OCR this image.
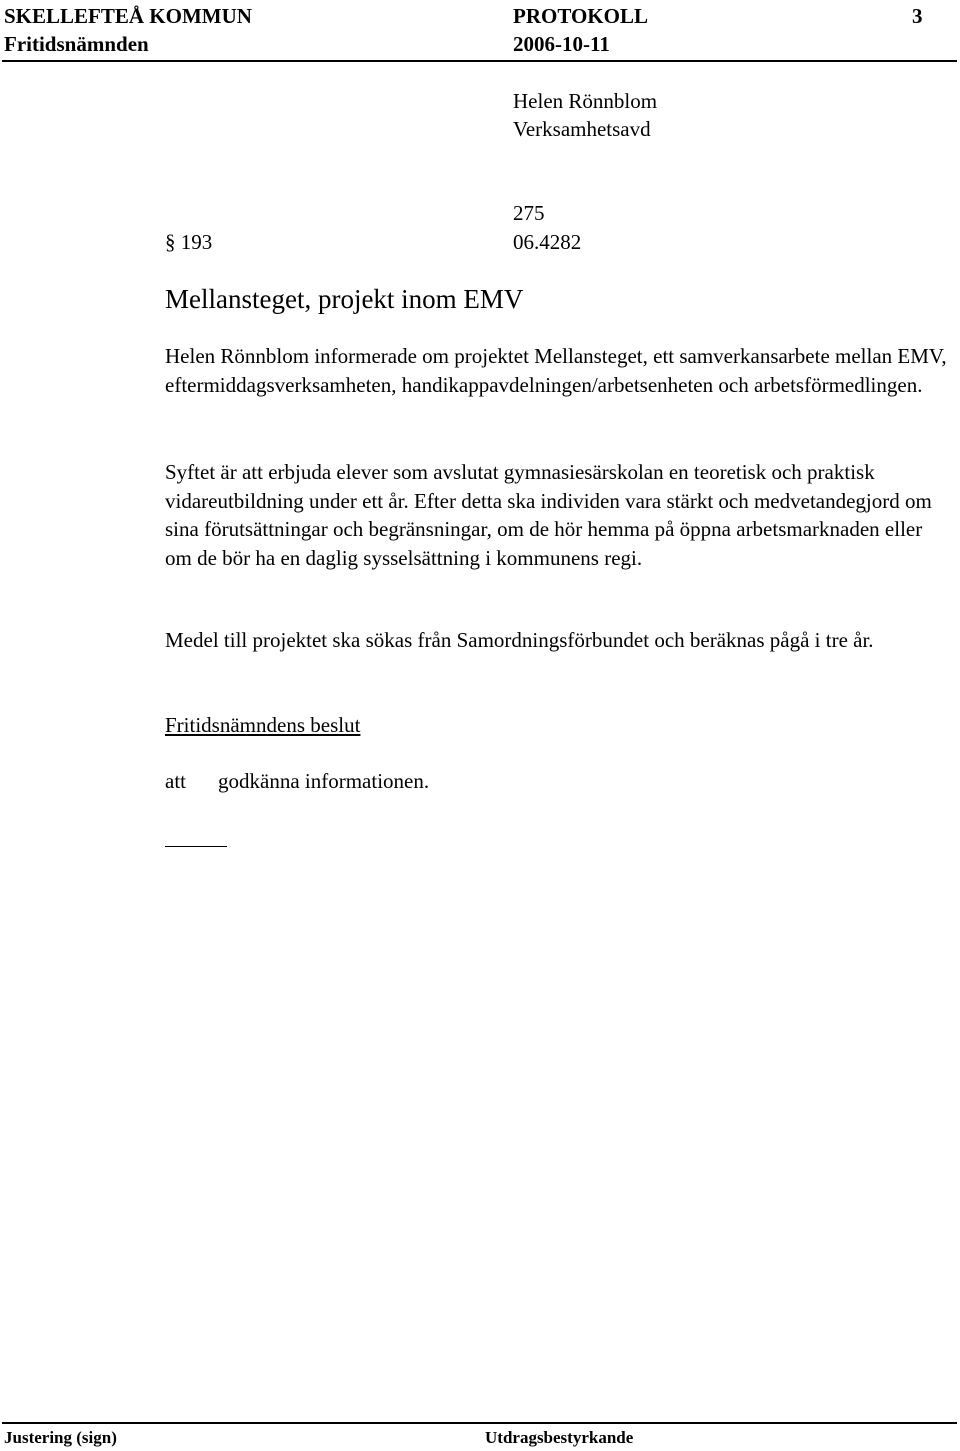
SKELLEFTEÅ KOMMUN	PROTOKOLL	3
Fritidsnämnden	2006-10-11
Helen Rönnblom
Verksamhetsavd
275
§ 193	06.4282
Mellansteget, projekt inom EMV

Helen Rönnblom informerade om projektet Mellansteget, ett samverkansarbete mellan EMV, eftermiddagsverksamheten, handikappavdelningen/arbetsenheten och arbetsförmedlingen.

Syftet är att erbjuda elever som avslutat gymnasiesärskolan en teoretisk och praktisk vidareutbildning under ett år. Efter detta ska individen vara stärkt och medvetandegjord om sina förutsättningar och begränsningar, om de hör hemma på öppna arbetsmarknaden eller om de bör ha en daglig sysselsättning i kommunens regi.

Medel till projektet ska sökas från Samordningsförbundet och beräknas pågå i tre år.

Fritidsnämndens beslut
att godkänna informationen.
Justering (sign)	Utdragsbestyrkande
